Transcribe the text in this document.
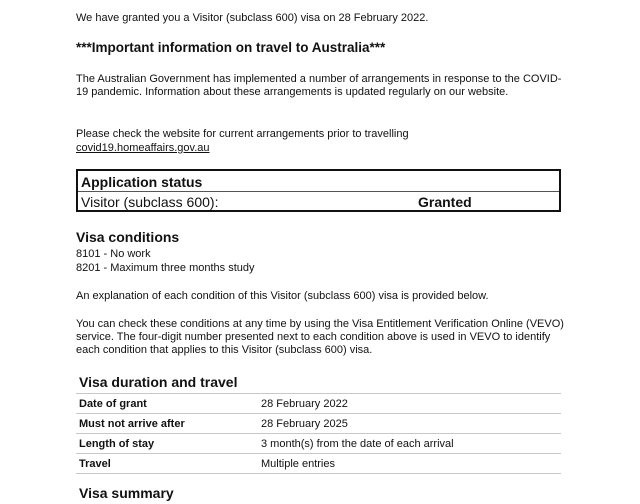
We have granted you a Visitor (subclass 600) visa on 28 February 2022.

***Important information on travel to Australia***

The Australian Government has implemented a number of arrangements in response to the COVID-19 pandemic. Information about these arrangements is updated regularly on our website.

Please check the website for current arrangements prior to travelling

covid19.homeaffairs.gov.au
Application status
Visitor (subclass 600):	Granted
Visa conditions

8101 - No work

8201 - Maximum three months study

An explanation of each condition of this Visitor (subclass 600) visa is provided below.

You can check these conditions at any time by using the Visa Entitlement Verification Online (VEVO) service. The four-digit number presented next to each condition above is used in VEVO to identify each condition that applies to this Visitor (subclass 600) visa.

Visa duration and travel
Date of grant	28 February 2022
Must not arrive after	28 February 2025
Length of stay	3 month(s) from the date of each arrival
Travel	Multiple entries
Visa summary
